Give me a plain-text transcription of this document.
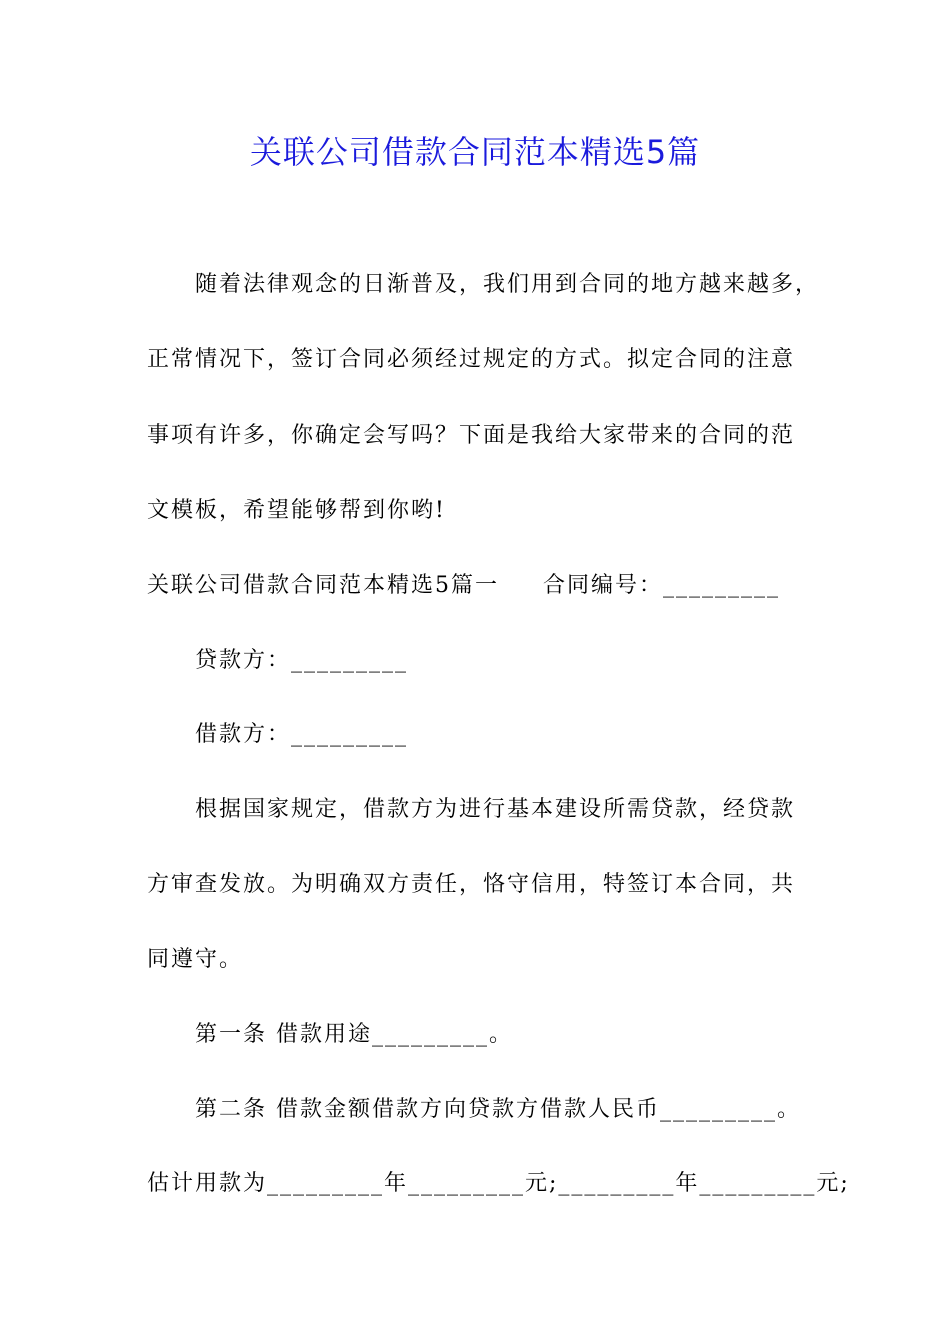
关联公司借款合同范本精选5篇
随着法律观念的日渐普及，我们用到合同的地方越来越多，
正常情况下，签订合同必须经过规定的方式。拟定合同的注意
事项有许多，你确定会写吗？下面是我给大家带来的合同的范
文模板，希望能够帮到你哟!
关联公司借款合同范本精选5篇一 合同编号：_________
贷款方：_________
借款方：_________
根据国家规定，借款方为进行基本建设所需贷款，经贷款
方审查发放。为明确双方责任，恪守信用，特签订本合同，共
同遵守。
第一条 借款用途_________。
第二条 借款金额借款方向贷款方借款人民币_________。
估计用款为_________年_________元;_________年_________元;
